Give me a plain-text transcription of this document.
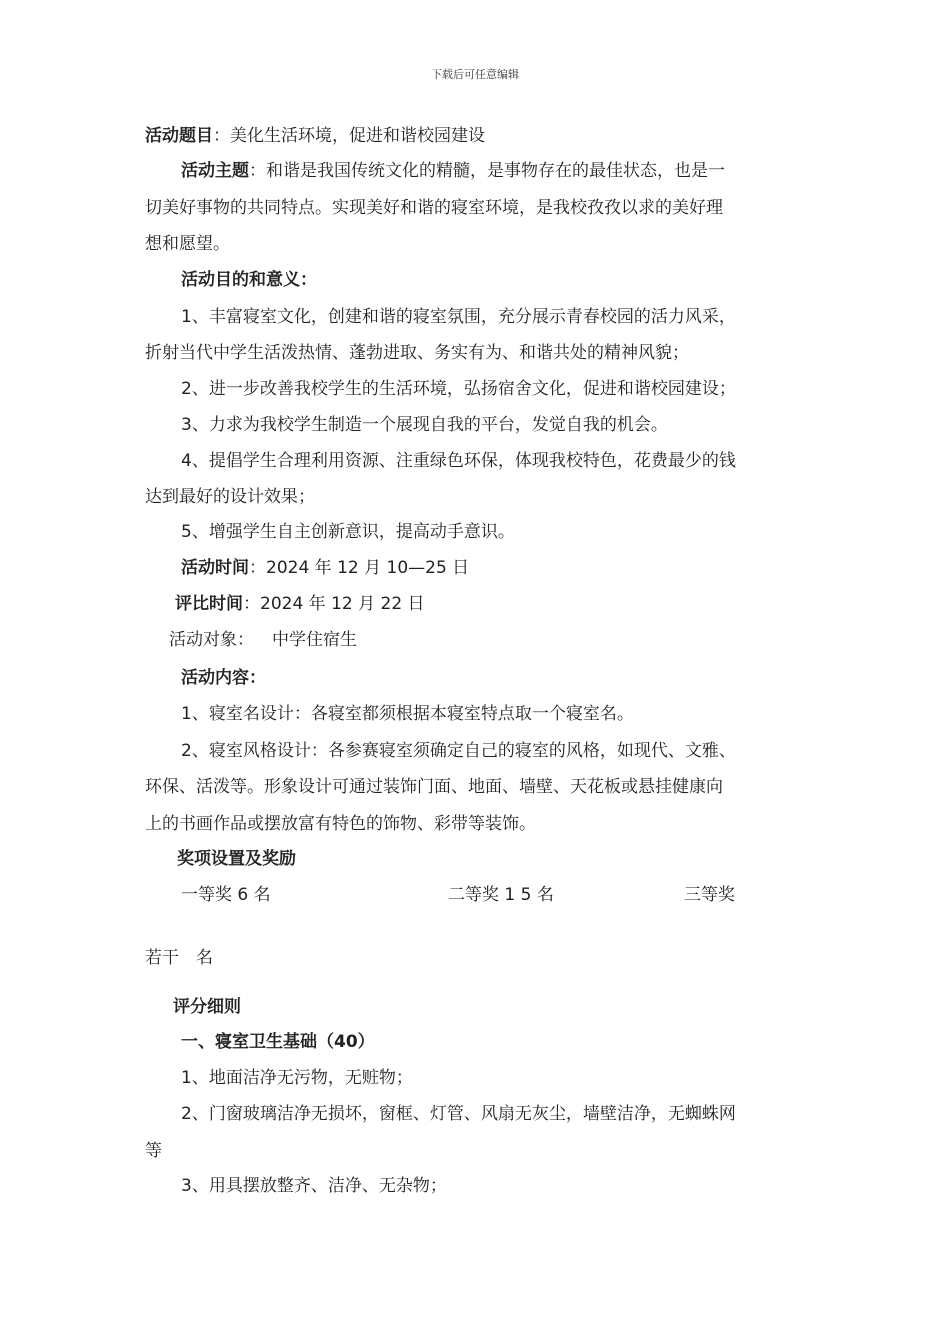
下载后可任意编辑
活动题目：美化生活环境，促进和谐校园建设
活动主题：和谐是我国传统文化的精髓，是事物存在的最佳状态，也是一
切美好事物的共同特点。实现美好和谐的寝室环境，是我校孜孜以求的美好理
想和愿望。
活动目的和意义：
1、丰富寝室文化，创建和谐的寝室氛围，充分展示青春校园的活力风采，
折射当代中学生活泼热情、蓬勃进取、务实有为、和谐共处的精神风貌；
2、进一步改善我校学生的生活环境，弘扬宿舍文化，促进和谐校园建设；
3、力求为我校学生制造一个展现自我的平台，发觉自我的机会。
4、提倡学生合理利用资源、注重绿色环保，体现我校特色，花费最少的钱
达到最好的设计效果；
5、增强学生自主创新意识，提高动手意识。
活动时间：2024 年 12 月 10—25 日
评比时间：2024 年 12 月 22 日
活动对象： 中学住宿生
活动内容：
1、寝室名设计：各寝室都须根据本寝室特点取一个寝室名。
2、寝室风格设计：各参赛寝室须确定自己的寝室的风格，如现代、文雅、
环保、活泼等。形象设计可通过装饰门面、地面、墙壁、天花板或悬挂健康向
上的书画作品或摆放富有特色的饰物、彩带等装饰。
奖项设置及奖励
一等奖 6 名	二等奖 1 5 名	三等奖
若干　名
评分细则
一、寝室卫生基础（40）
1、地面洁净无污物，无赃物；
2、门窗玻璃洁净无损坏，窗框、灯管、风扇无灰尘，墙壁洁净，无蜘蛛网
等
3、用具摆放整齐、洁净、无杂物；
